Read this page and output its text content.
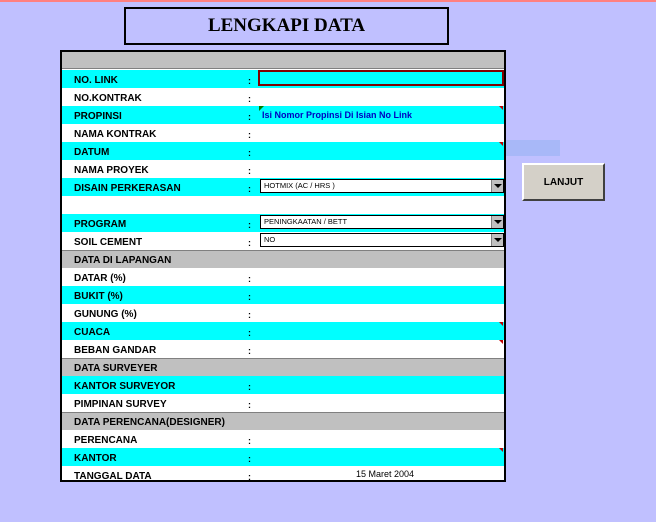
LENGKAPI DATA
NO. LINK	:
NO.KONTRAK	:
PROPINSI	: Isi Nomor Propinsi Di Isian No Link
NAMA KONTRAK	:
DATUM	:
NAMA PROYEK	:
DISAIN PERKERASAN	:	HOTMIX (AC / HRS )
PROGRAM	:	PENINGKAATAN / BETT
SOIL CEMENT	:	NO
DATA DI LAPANGAN
DATAR (%)	:
BUKIT (%)	:
GUNUNG (%)	:
CUACA	:
BEBAN GANDAR	:
DATA SURVEYER
KANTOR SURVEYOR	:
PIMPINAN SURVEY	:
DATA PERENCANA(DESIGNER)
PERENCANA	:
KANTOR	:
TANGGAL DATA	:	15 Maret 2004
LANJUT
